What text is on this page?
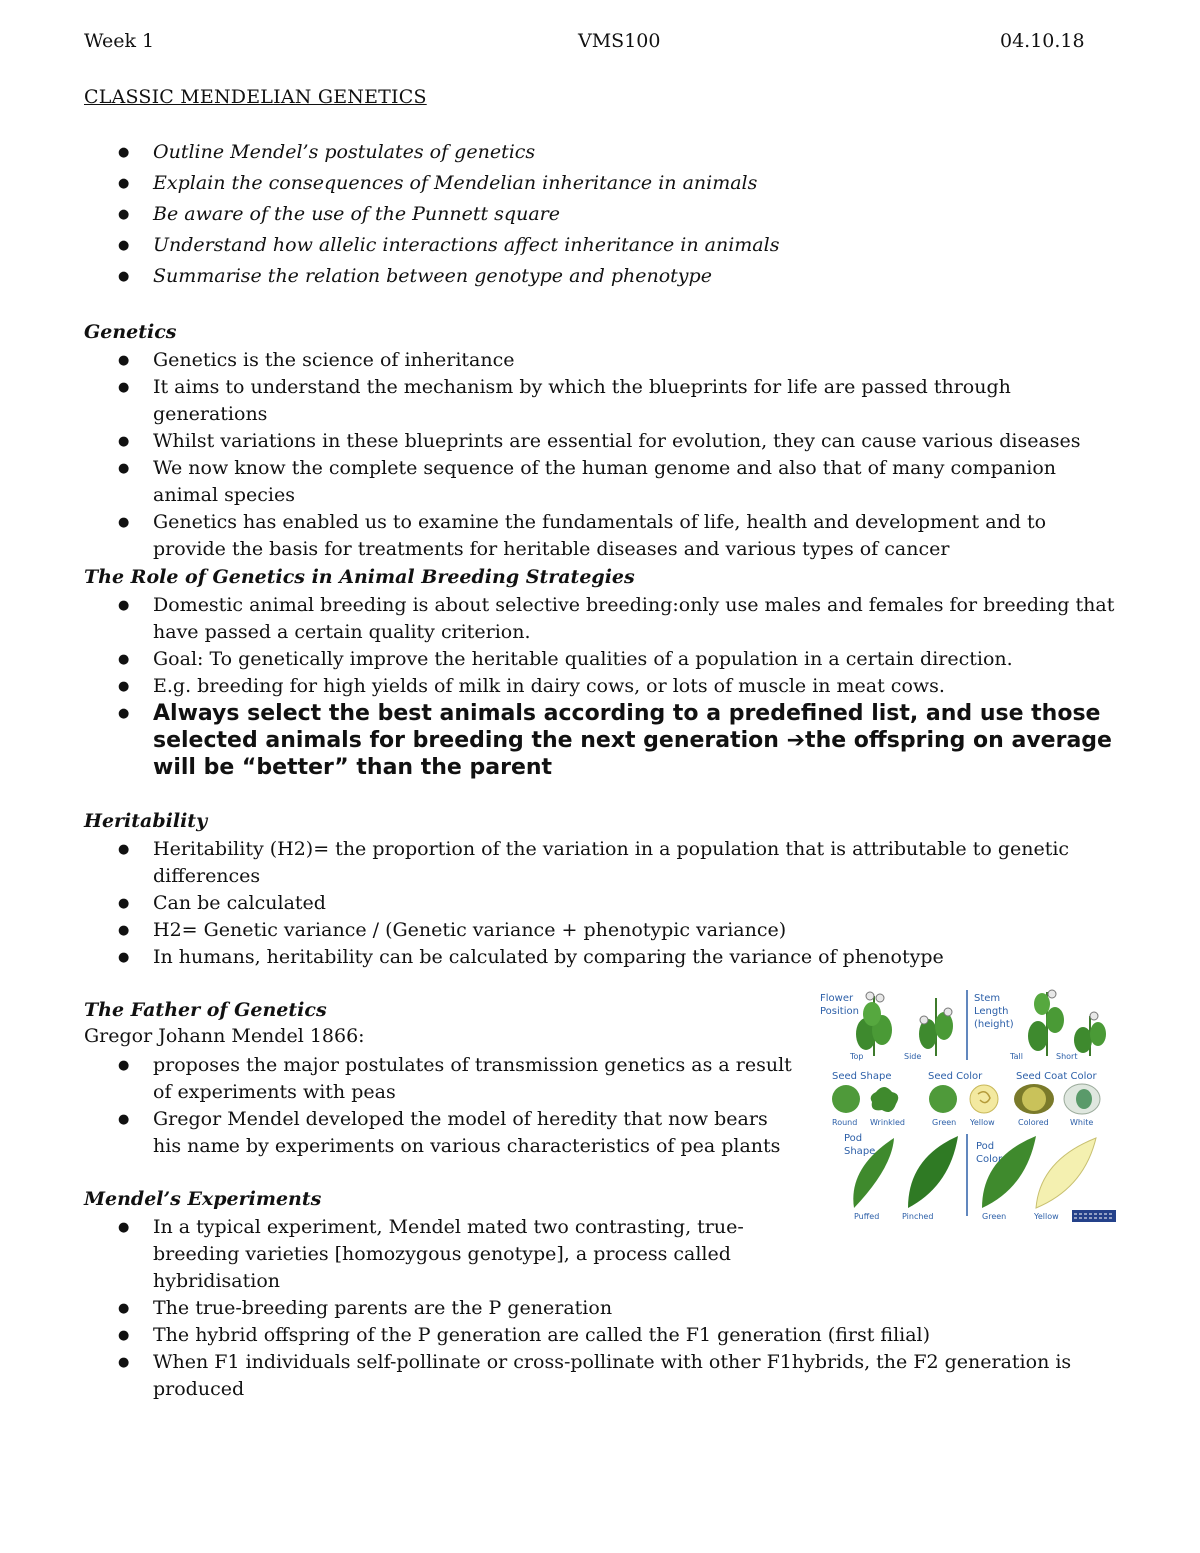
Week 1	VMS100	04.10.18
CLASSIC MENDELIAN GENETICS
● Outline Mendel’s postulates of genetics
● Explain the consequences of Mendelian inheritance in animals
● Be aware of the use of the Punnett square
● Understand how allelic interactions affect inheritance in animals
● Summarise the relation between genotype and phenotype
Genetics
● Genetics is the science of inheritance
● It aims to understand the mechanism by which the blueprints for life are passed through generations
● Whilst variations in these blueprints are essential for evolution, they can cause various diseases
● We now know the complete sequence of the human genome and also that of many companion animal species
● Genetics has enabled us to examine the fundamentals of life, health and development and to provide the basis for treatments for heritable diseases and various types of cancer
The Role of Genetics in Animal Breeding Strategies
● Domestic animal breeding is about selective breeding:only use males and females for breeding that have passed a certain quality criterion.
● Goal: To genetically improve the heritable qualities of a population in a certain direction.
● E.g. breeding for high yields of milk in dairy cows, or lots of muscle in meat cows.
● Always select the best animals according to a predefined list, and use those selected animals for breeding the next generation ➔the offspring on average will be “better” than the parent
Heritability
● Heritability (H2)= the proportion of the variation in a population that is attributable to genetic differences
● Can be calculated
● H2= Genetic variance / (Genetic variance + phenotypic variance)
● In humans, heritability can be calculated by comparing the variance of phenotype
The Father of Genetics
Gregor Johann Mendel 1866:
● proposes the major postulates of transmission genetics as a result of experiments with peas
● Gregor Mendel developed the model of heredity that now bears his name by experiments on various characteristics of pea plants
Mendel’s Experiments
● In a typical experiment, Mendel mated two contrasting, true-breeding varieties [homozygous genotype], a process called hybridisation
● The true-breeding parents are the P generation
● The hybrid offspring of the P generation are called the F1 generation (first filial)
● When F1 individuals self-pollinate or cross-pollinate with other F1hybrids, the F2 generation is produced
Flower
Position
Top	Side
Stem
Length
(height)
Tall	Short
Seed Shape
Round Wrinkled
Seed Color
Green Yellow
Seed Coat Color
Colored	White
Pod
Shape
Puffed	Pinched
Pod
Color
Green	Yellow
